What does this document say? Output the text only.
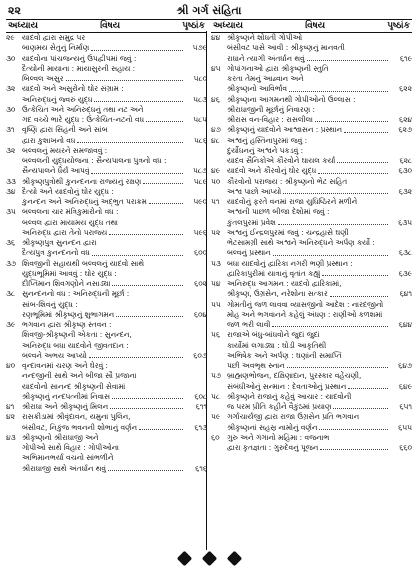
૨૨	શ્રી ગર્ગ સંહિતા
અધ્યાય	વિષય	પૃષ્ઠાંક
૨૯ યાદવો દ્વારા સમુદ્ર પર
બાણમય સેતુનું નિર્માણ	૫૭૯
૩૦ યાદવોના પાંચજન્યનું ઉપદ્વીપમાં જવું :
દૈત્યોની માયાના : માયાસુરની સહાય :
બિલ્વલ અસુર	૫૮૦
૩૨ યાદવો અને અસુરોનો ઘોર સંગ્રામ :
અનિરુદ્ધનું જ્વરું યુદ્ધ	૫૮૩
૩૦ ઉત્કેચિત અને અનિરુદ્ધનું તથા નટ અને
ગદ વચ્ચે ભારે યુદ્ધ : ઉત્કેચિત-નટનો વધ	૫૮૫
૩૧	વૃષ્ણિ દ્વારા સિંહની અને સાંબ
દ્વારા કુશાખનો વધ	૫૮૬
૩૨ બલ્વલનું મયરને સમજાવવું :
બલ્વલની યુદ્ધયોજના : સૈન્યપાલના પુત્રનો વધ :
સૈન્યપાલને ધૈર્ય આપવું	૫૮૭
૩૩ શ્રીકૃષ્ણપુત્રોથી કુનન્દનના રાજ્યનું રક્ષણ	૫૮૯
૩૪ દૈત્યો અને યાદવોનું ઘોર યુદ્ધ :
કુનન્દન અને અનિરુદ્ધનું અદ્ભુત પરાક્રમ	૫૯૦
૩૫ બલ્વલના ચાર મંત્રિકુમારોનો વધ :
બલ્વલ દ્વારા માયામય યુદ્ધ તથા
અનિરુદ્ધ દ્વારા તેનો પરાજય	૫૯૬
૩૬ શ્રીકૃષ્ણપુત્ર સુનન્દન દ્વારા
દૈત્યપુત્ર કુનન્દનનો વધ	૬૦૦
૩૭ શિવજીની સહાયથી બલ્વલનું યાદવો સાથે
યુદ્ધભૂમિમાં આવવું : ઘોર યુદ્ધ :
દીપ્તિમાન શિવગણોને નસાડ્યા	૬૦૨
૩૮ સુનન્દનનો વધ : અનિરુદ્ધની મૂર્છા :
સાંબ-શિવનું યુદ્ધ :
રણભૂમિમાં શ્રીકૃષ્ણનું શુભાગમન	૬૦૪
૩૯ ભગવાન દ્વારા શ્રીકૃષ્ણ સ્તવન :
શિવજી-શ્રીકૃષ્ણની એકતા : સુનન્દન,
અનિરુદ્ધ બધા યાદવોને જીવતદાન :
બલ્વને અભય આપ્યો	૬૦૭
૪૦ વૃન્દાવનમાં ચરણ અને ઘેરવું :
નન્દજીની સાથે અને બીજા સૌ પ્રજાના
યાદવોનો સાનન્દ શ્રીકૃષ્ણની સેવામાં
શ્રીકૃષ્ણનું નન્દપત્નીમાં નિવાસ	૬૦૮
૪૧	શ્રીરાધા અને શ્રીકૃષ્ણનું મિલન	૬૧૧
૪૨ રાસક્રીડામાં શ્રીવૃંદાવન, યમુના પુલિન,
બંસીવટ, નિકુંજ ભવનની શોભાનું વર્ણન	૬૧૩
૪૩ શ્રીકૃષ્ણનો શ્રીરાધાજી અને
ગોપીઓ સાથે વિહાર : ગોપીઓના
અભિમાનભર્યા વચનો સાંભળીને
શ્રીરાધાજી સાથે અંતર્ધાન થવું	૬૧૬
અધ્યાય	વિષય	પૃષ્ઠાંક
૪૪ શ્રીકૃષ્ણને શોધતી ગોપીઓ
બંસીવટ પાસે આવી : શ્રીકૃષ્ણનું માનવતી
રાધાને ત્યાગી અંતર્ધાન થવું	૬૧૯
૪૫ ગોપાંગનાઓ દ્વારા શ્રીકૃષ્ણની સ્તુતિ
કરતા તેમનું આહ્વાન અને
શ્રીકૃષ્ણનો આવિર્ભાવ	૬૨૨
૪૬ શ્રીકૃષ્ણના આગમનથી ગોપીઓનો ઉલ્લાસ :
શ્રીરાધાજીની મૂર્છાનું નિવારણ :
શ્રીરાસ વન-વિહાર : રાસલીલા	૬૨૪
૪૭ શ્રીકૃષ્ણનું યાદવોને આશ્વાસન : પ્રસ્થાન	૬૨૭
૪૮ અશ્વનું હસ્તિનાપુરમાં જવું :
દુર્યોધનનું અશ્વને પકડવું :
યાદવ સૈનિકોએ કૌરવોને ઘાયલ કર્યા	૬૨૮
૪૯ યાદવો અને કૌરવોનું ઘોર યુદ્ધ	૬૩૦
૫૦ કૌરવોનો પરાજય : શ્રીકૃષ્ણનો ભેટ સહિત
અશ્વ પાછો આપ્યો	૬૩૨
૫૧	યાદવોનું ફરતે વનમાં રાજા યુધિષ્ઠિરને મળીને
અશ્વની પાછળ બીજા દેશોમાં જવું :
કુંતલપુરમાં પ્રવેશ	૬૩૫
૫૨ અશ્વનું ઈન્દ્રલપુરમાં જવું : ચન્દ્રહાસે ઘણી
ભેટસામગ્રી સાથે અશ્વને અનિરુદ્ધને અર્પણ કર્યો :
બલ્વનું પ્રસ્થાન	૬૩૮
૫૩ બધા યાદવોનું દ્વારિકા નગરી ભણી પ્રસ્થાન :
દ્વારિકાપુરીમાં યાત્રાનું વૃતાંત કહ્યું	૬૩૯
૫૪ અનિરુદ્ધ આગમન : યાદવો દ્વારિકામાં,
શ્રીકૃષ્ણ, ઉગ્રસેન, નરેશોના સત્કાર	૬૪૧
૫૫ ગોમતીનું જળ લાવવા વ્યાસજીનો આદેશ : નારદજીનો
મોહ અને ભગવાનને કહેલું અંધણ : રાણીઓ કળશમાં
જળ ભરી લાવી	૬૪૪
૫૬ રાજાએ બંધુ-બાંધવોને જુદાં જુદાં
કાર્યોમાં લગાડ્યા : ઘોડી આકૃતિથી
અભિષેક અને અર્પણ : ઘણાંની સમાપ્તિ
પછી અવભૃથ સ્નાન	૬૪૭
૫૭ બ્રાહ્મણભોજન, દક્ષિણાદાન, પુરસ્કાર વહેંચણી,
સંબંધીઓનું સન્માન : દેવતાઓનું પ્રસ્થાન	૬૪૯
૫૮ શ્રીકૃષ્ણને રાજાનું કહેવું આચાર : યાદવોની
જ પરમ પ્રીતિ કહીને વૈકુંઠમાં પ્રયાણ	૬૫૧
૫૯ ગર્ગાચાર્યજી દ્વારા રાજા ઉગ્રસેન પ્રતિ ભગવાન
શ્રીકૃષ્ણનાં સહસ્ર નામોનું વર્ણન	૬૫૫
૬૦	ગુરુ અને ગંગાનો મહિમા : વજનાભ
દ્વારા કૃતજ્ઞતા : ગુરુદેવનું પૂજન	૬૬૦
